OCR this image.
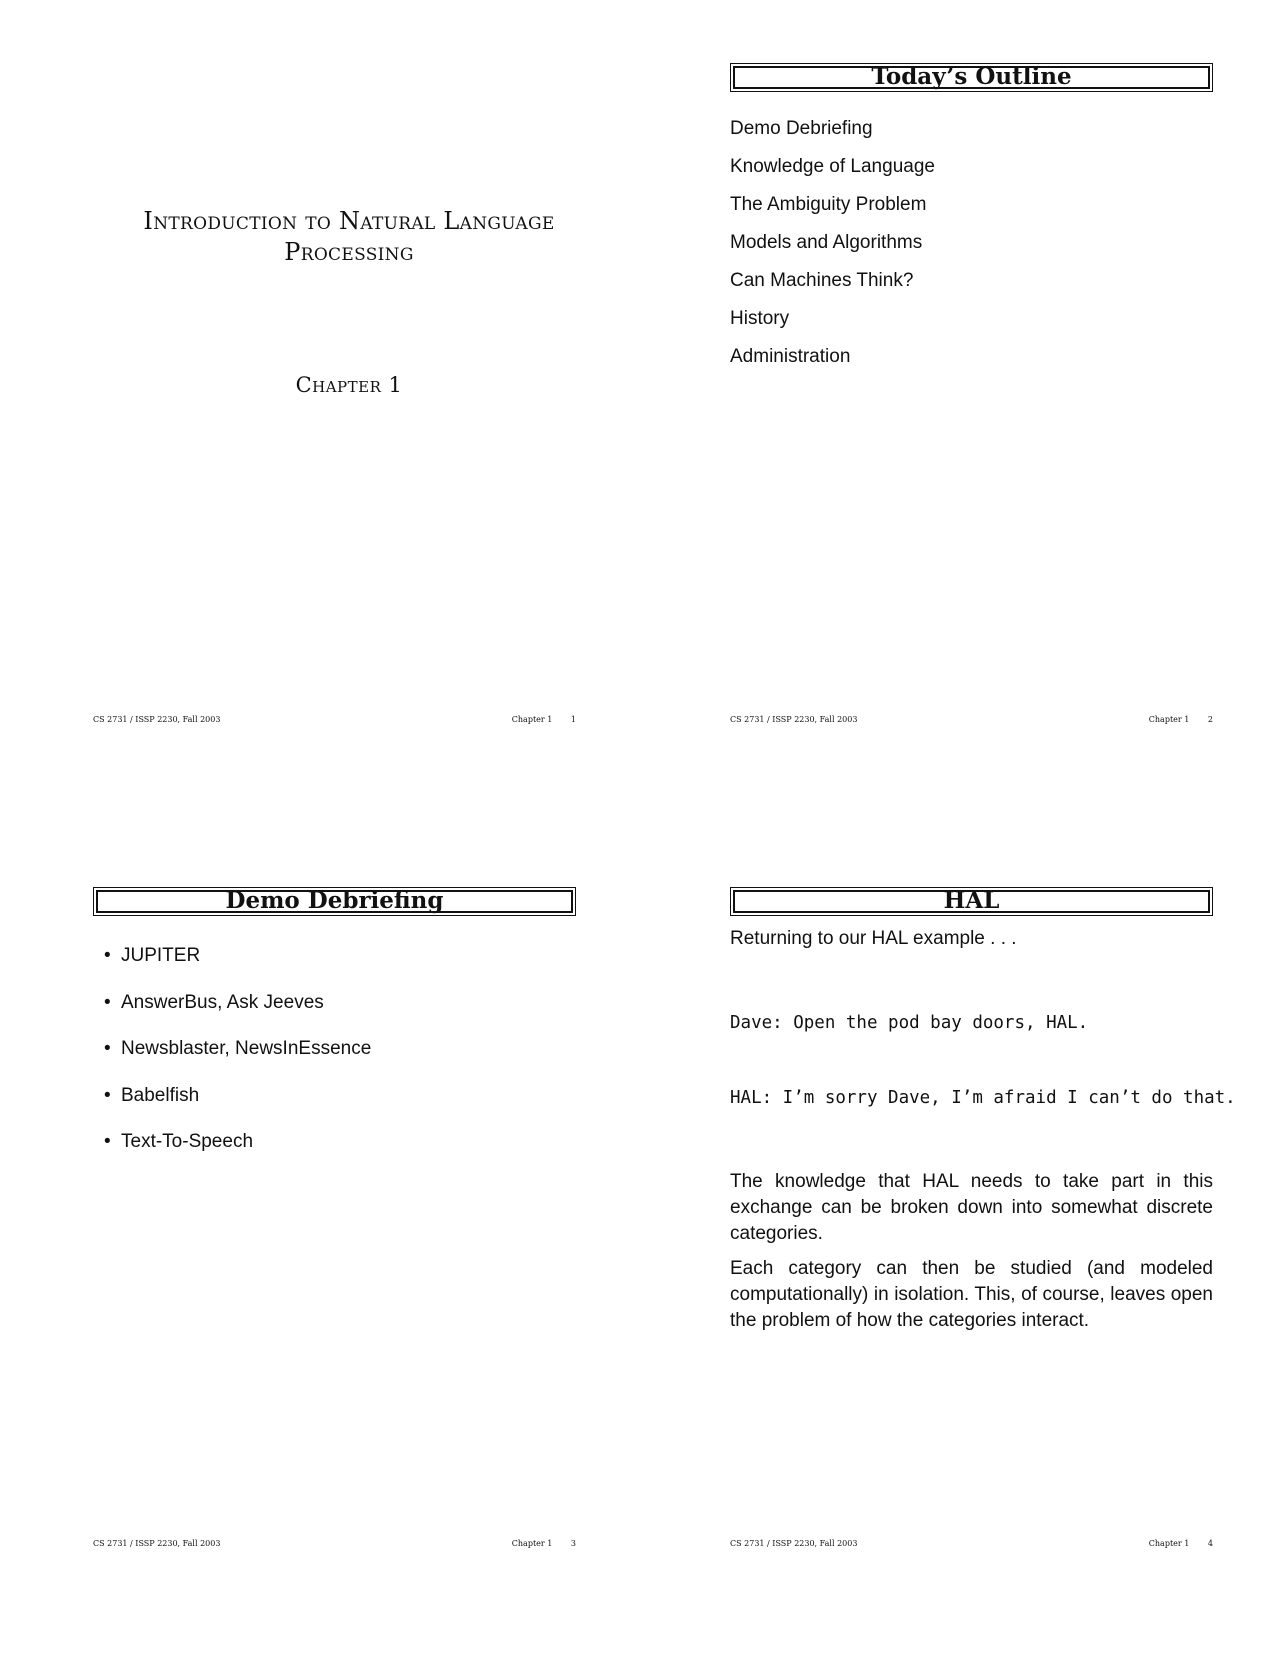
Introduction to Natural Language
Processing
Chapter 1
CS 2731 / ISSP 2230, Fall 2003	Chapter 1 1
Today’s Outline
Demo Debriefing
Knowledge of Language
The Ambiguity Problem
Models and Algorithms
Can Machines Think?
History
Administration
CS 2731 / ISSP 2230, Fall 2003	Chapter 1 2
Demo Debriefing
• JUPITER
• AnswerBus, Ask Jeeves
• Newsblaster, NewsInEssence
• Babelfish
• Text-To-Speech
CS 2731 / ISSP 2230, Fall 2003	Chapter 1 3
HAL

Returning to our HAL example . . .

Dave: Open the pod bay doors, HAL.

HAL: I’m sorry Dave, I’m afraid I can’t do that.

The knowledge that HAL needs to take part in this exchange can be broken down into somewhat discrete categories.

Each category can then be studied (and modeled computationally) in isolation. This, of course, leaves open the problem of how the categories interact.

CS 2731 / ISSP 2230, Fall 2003	Chapter 1 4
